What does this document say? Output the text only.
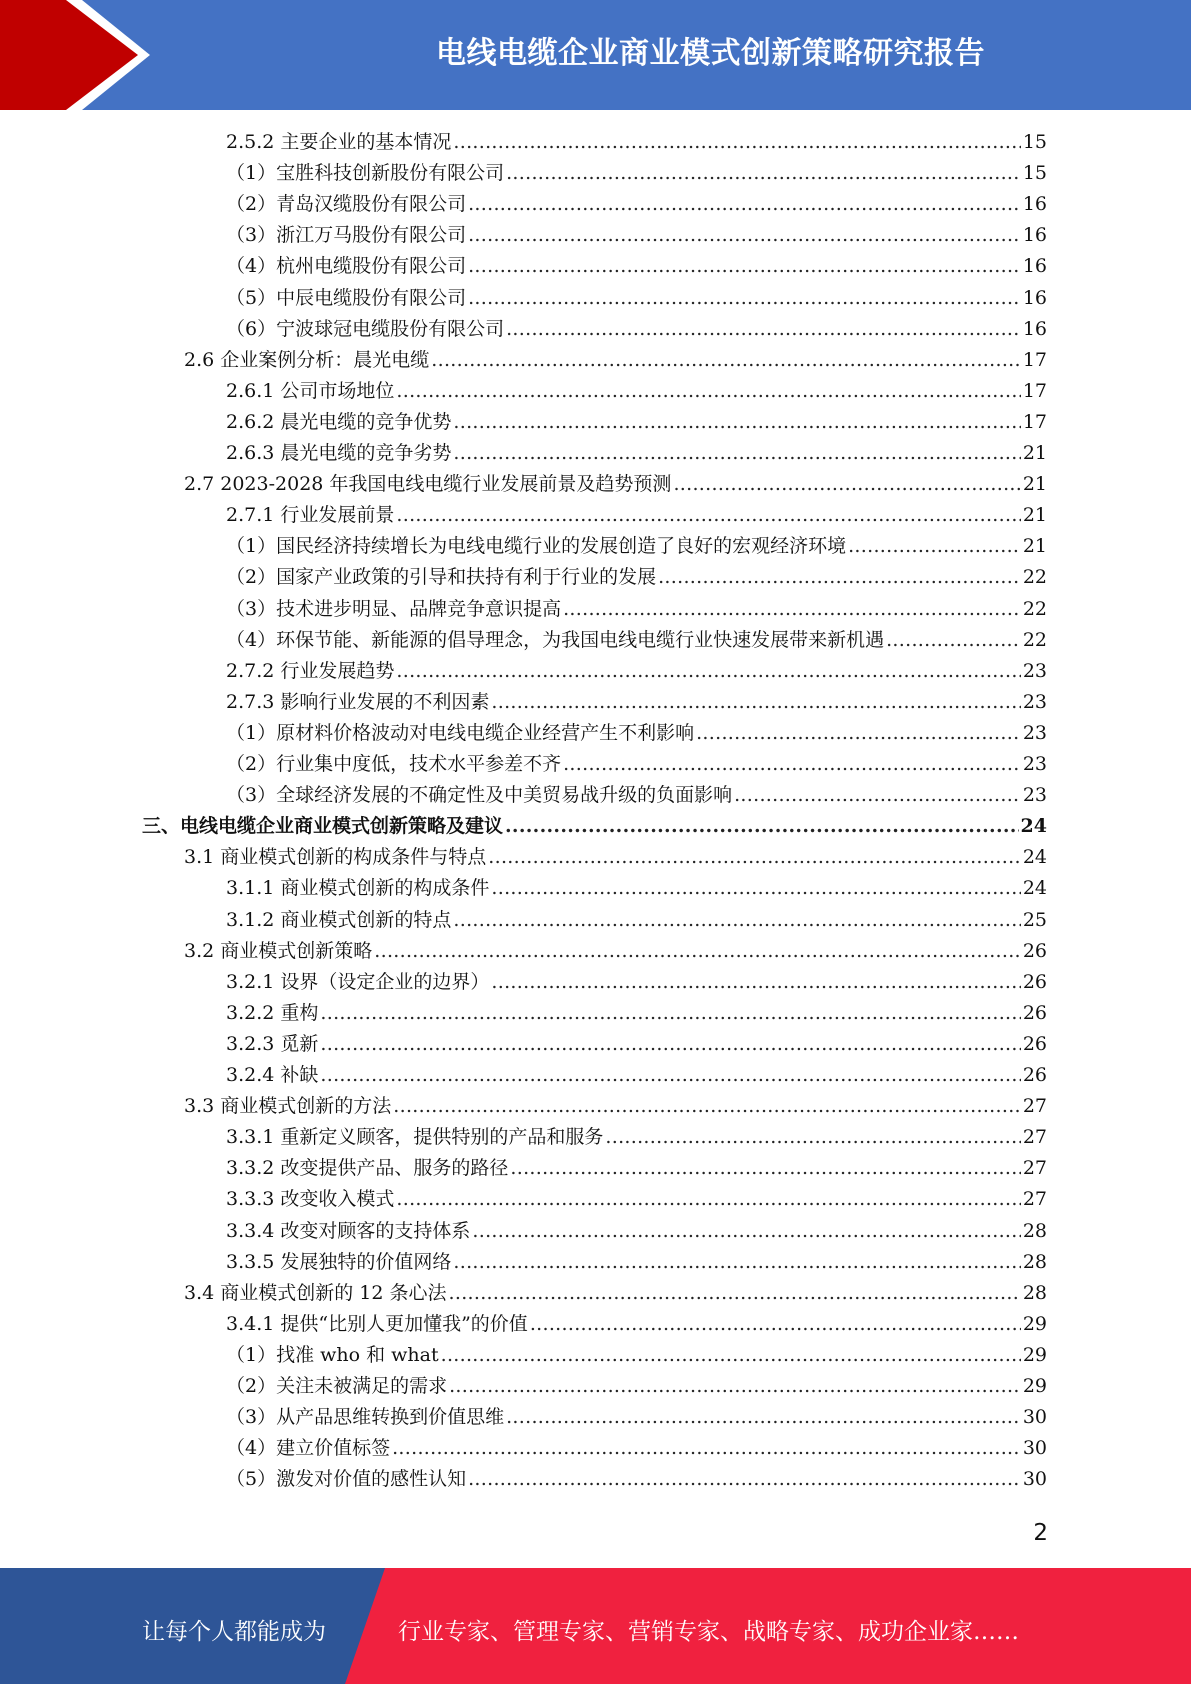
电线电缆企业商业模式创新策略研究报告
2.5.2 主要企业的基本情况 .....	15
（1）宝胜科技创新股份有限公司 .....	15
（2）青岛汉缆股份有限公司 .....	16
（3）浙江万马股份有限公司 .....	16
（4）杭州电缆股份有限公司 .....	16
（5）中辰电缆股份有限公司 .....	16
（6）宁波球冠电缆股份有限公司 .....	16
2.6 企业案例分析：晨光电缆 .....	17
2.6.1 公司市场地位 .....	17
2.6.2 晨光电缆的竞争优势 .....	17
2.6.3 晨光电缆的竞争劣势 .....	21
2.7 2023-2028 年我国电线电缆行业发展前景及趋势预测 .....	21
2.7.1 行业发展前景 .....	21
（1）国民经济持续增长为电线电缆行业的发展创造了良好的宏观经济环境 .....	21
（2）国家产业政策的引导和扶持有利于行业的发展 .....	22
（3）技术进步明显、品牌竞争意识提高 .....	22
（4）环保节能、新能源的倡导理念，为我国电线电缆行业快速发展带来新机遇 .....	22
2.7.2 行业发展趋势 .....	23
2.7.3 影响行业发展的不利因素 .....	23
（1）原材料价格波动对电线电缆企业经营产生不利影响 .....	23
（2）行业集中度低，技术水平参差不齐 .....	23
（3）全球经济发展的不确定性及中美贸易战升级的负面影响 .....	23
三、电线电缆企业商业模式创新策略及建议 .....	24
3.1 商业模式创新的构成条件与特点 .....	24
3.1.1 商业模式创新的构成条件 .....	24
3.1.2 商业模式创新的特点 .....	25
3.2 商业模式创新策略 .....	26
3.2.1 设界（设定企业的边界） .....	26
3.2.2 重构 .....	26
3.2.3 觅新 .....	26
3.2.4 补缺 .....	26
3.3 商业模式创新的方法 .....	27
3.3.1 重新定义顾客，提供特别的产品和服务 .....	27
3.3.2 改变提供产品、服务的路径 .....	27
3.3.3 改变收入模式 .....	27
3.3.4 改变对顾客的支持体系 .....	28
3.3.5 发展独特的价值网络 .....	28
3.4 商业模式创新的 12 条心法 .....	28
3.4.1 提供“比别人更加懂我”的价值 .....	29
（1）找准 who 和 what .....	29
（2）关注未被满足的需求 .....	29
（3）从产品思维转换到价值思维 .....	30
（4）建立价值标签 .....	30
（5）激发对价值的感性认知 .....	30
2
让每个人都能成为	行业专家、管理专家、营销专家、战略专家、成功企业家……
